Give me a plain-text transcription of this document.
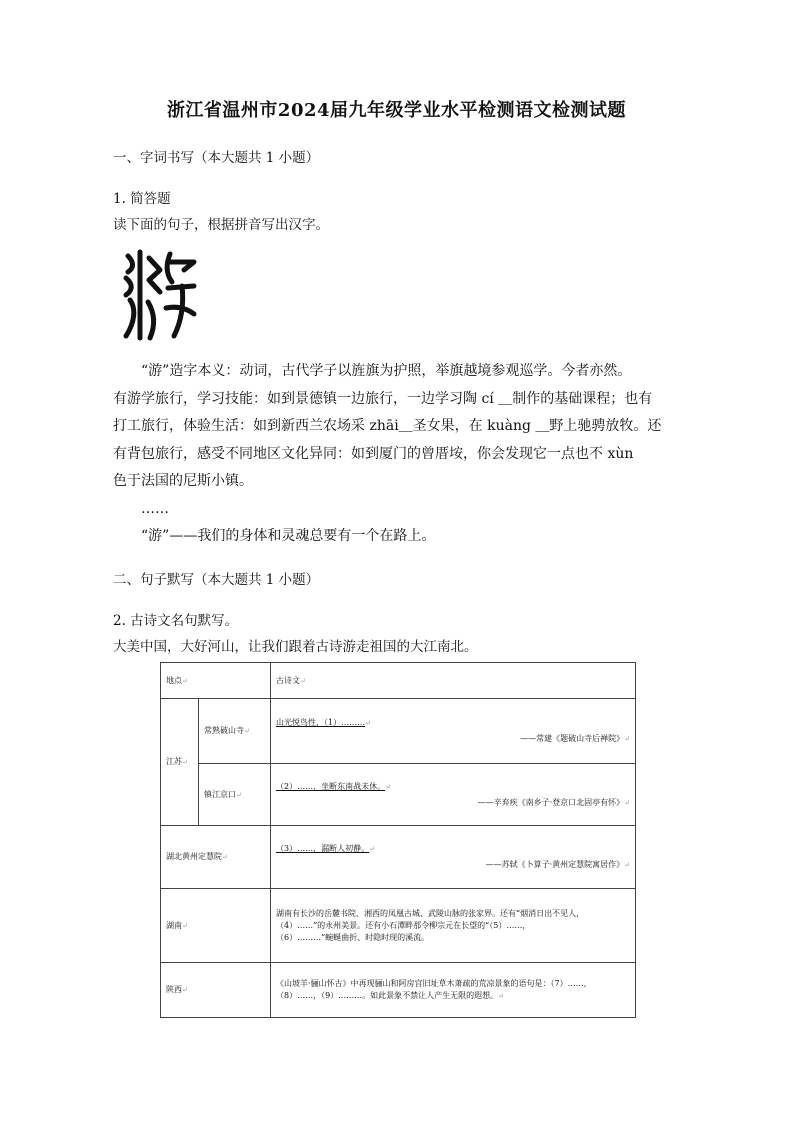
浙江省温州市2024届九年级学业水平检测语文检测试题
一、字词书写（本大题共 1 小题）
1. 简答题
读下面的句子，根据拼音写出汉字。

“游”造字本义：动词，古代学子以旌旗为护照，举旗越境参观巡学。今者亦然。

有游学旅行，学习技能：如到景德镇一边旅行，一边学习陶 cí ＿制作的基础课程；也有

打工旅行，体验生活：如到新西兰农场采 zhāi＿圣女果，在 kuàng ＿野上驰骋放牧。还

有背包旅行，感受不同地区文化异同：如到厦门的曾厝垵，你会发现它一点也不 xùn

色于法国的尼斯小镇。

……

“游”——我们的身体和灵魂总要有一个在路上。

二、句子默写（本大题共 1 小题）
2. 古诗文名句默写。
大美中国，大好河山，让我们跟着古诗游走祖国的大江南北。
地点↵		古诗文↵
江苏↵	常熟破山寺↵	山光悦鸟性，（1）………↵
——常建《题破山寺后禅院》↵

	镇江京口↵	（2）……，坐断东南战未休。↵
——辛弃疾《南乡子·登京口北固亭有怀》↵

湖北黄州定慧院↵		（3）……，漏断人初静。↵
——苏轼《卜算子·黄州定慧院寓居作》↵

湖南↵		湖南有长沙的岳麓书院、湘西的凤凰古城、武陵山脉的张家界。还有“烟消日出不见人，
（4）……”的永州美景。还有小石潭畔那令柳宗元在长望的“（5）……，
（6）………”蜿蜒曲折、时隐时现的溪流。

陕西↵		《山坡羊·骊山怀古》中再现骊山和阿房宫旧址草木萧疏的荒凉景象的语句是：（7）……，
（8）……，（9）………。如此景象不禁让人产生无限的遐想。↵
